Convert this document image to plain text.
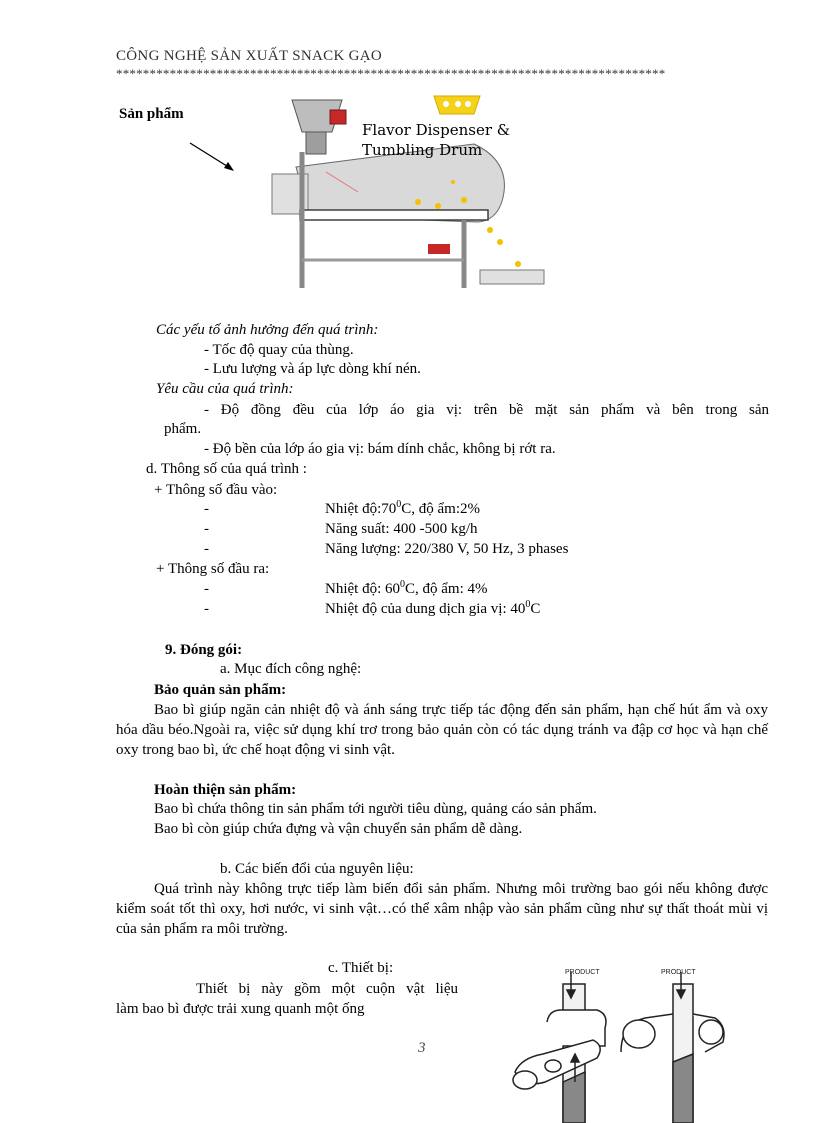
CÔNG NGHỆ SẢN XUẤT SNACK GẠO
**********************************************************************************
Sản phẩm
Flavor Dispenser &
Tumbling Drum
Các yếu tố ảnh hưởng đến quá trình:
- Tốc độ quay của thùng.
- Lưu lượng và áp lực dòng khí nén.
Yêu cầu của quá trình:
- Độ đồng đều của lớp áo gia vị: trên bề mặt sản phẩm và bên trong sản
phẩm.
- Độ bền của lớp áo gia vị: bám dính chắc, không bị rớt ra.
d. Thông số của quá trình :
+ Thông số đầu vào:
-	Nhiệt $độ:70^0C$, độ ẩm:2%
-	Năng suất: 400 -500 kg/h
-	Năng lượng: 220/380 V, 50 Hz, 3 phases
+ Thông số đầu ra:
-	Nhiệt độ: $60^0C$, độ ẩm: 4%
-	Nhiệt độ của dung dịch gia vị: $40^0C$
9. Đóng gói:
a. Mục đích công nghệ:
Bảo quản sản phẩm:
Bao bì giúp ngăn cản nhiệt độ và ánh sáng trực tiếp tác động đến sản phẩm, hạn chế hút ẩm và oxy hóa dầu béo.Ngoài ra, việc sử dụng khí trơ trong bảo quản còn có tác dụng tránh va đập cơ học và hạn chế oxy trong bao bì, ức chế hoạt động vi sinh vật.
Hoàn thiện sản phẩm:
Bao bì chứa thông tin sản phẩm tới người tiêu dùng, quảng cáo sản phẩm.
Bao bì còn giúp chứa đựng và vận chuyển sản phẩm dễ dàng.
b. Các biến đổi của nguyên liệu:
Quá trình này không trực tiếp làm biến đổi sản phẩm. Nhưng môi trường bao gói nếu không được kiểm soát tốt thì oxy, hơi nước, vi sinh vật…có thể xâm nhập vào sản phẩm cũng như sự thất thoát mùi vị của sản phẩm ra môi trường.
c. Thiết bị:
Thiết bị này gồm một cuộn vật liệu
làm bao bì được trải xung quanh một ống
PRODUCT	PRODUCT
3
